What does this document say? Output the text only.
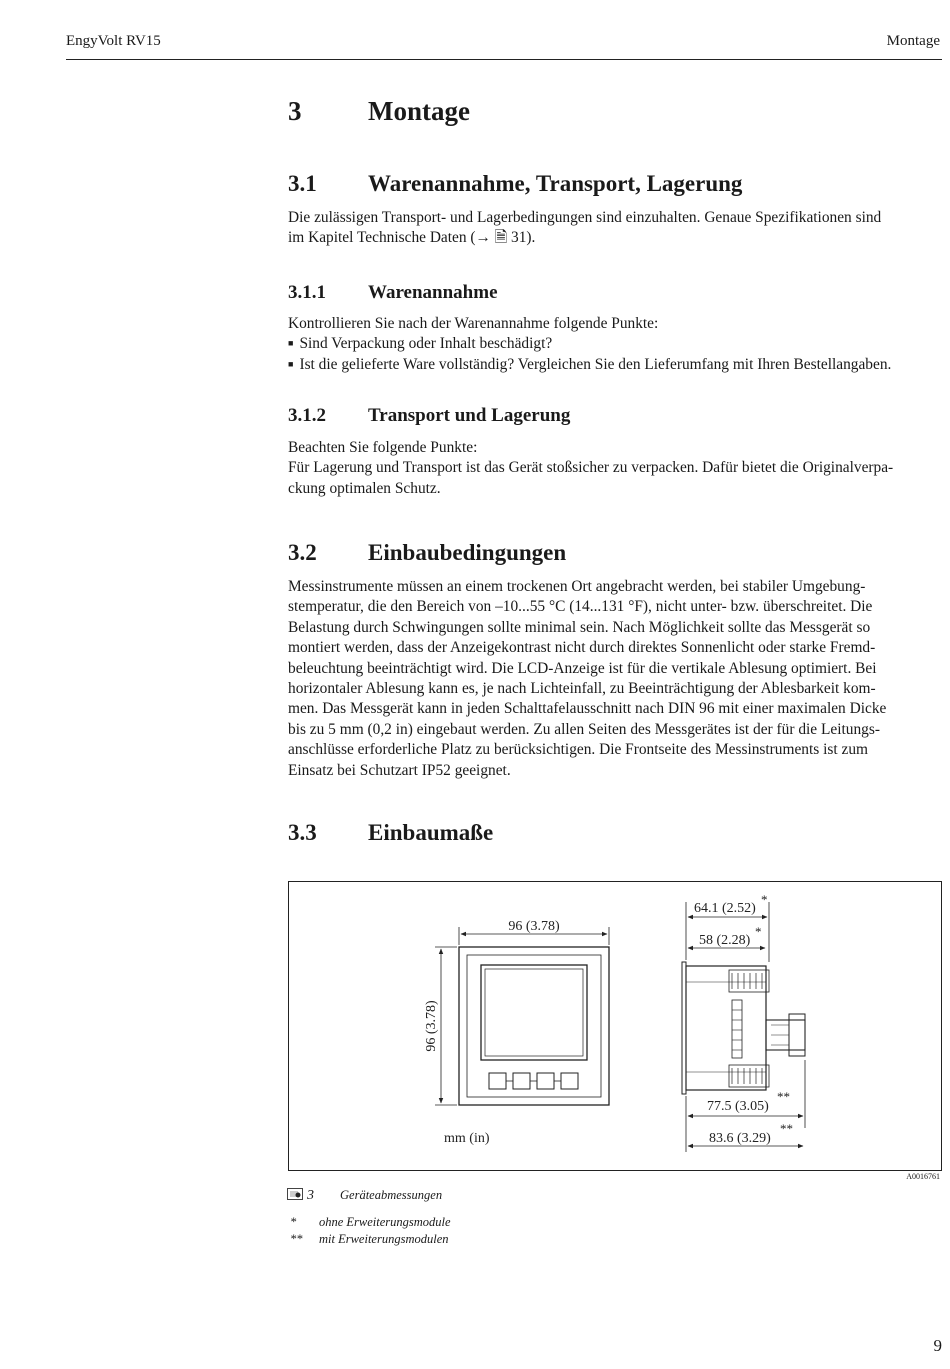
EngyVolt RV15	Montage
3 Montage
3.1 Warenannahme, Transport, Lagerung
Die zulässigen Transport- und Lagerbedingungen sind einzuhalten. Genaue Spezifikationen sind
im Kapitel Technische Daten (→ 🗎 31).
3.1.1 Warenannahme
Kontrollieren Sie nach der Warenannahme folgende Punkte:
■ Sind Verpackung oder Inhalt beschädigt?
■ Ist die gelieferte Ware vollständig? Vergleichen Sie den Lieferumfang mit Ihren Bestellangaben.
3.1.2 Transport und Lagerung
Beachten Sie folgende Punkte:
Für Lagerung und Transport ist das Gerät stoßsicher zu verpacken. Dafür bietet die Originalverpa-
ckung optimalen Schutz.
3.2 Einbaubedingungen
Messinstrumente müssen an einem trockenen Ort angebracht werden, bei stabiler Umgebung-
stemperatur, die den Bereich von –10...55 °C (14...131 °F), nicht unter- bzw. überschreitet. Die
Belastung durch Schwingungen sollte minimal sein. Nach Möglichkeit sollte das Messgerät so
montiert werden, dass der Anzeigekontrast nicht durch direktes Sonnenlicht oder starke Fremd-
beleuchtung beeinträchtigt wird. Die LCD-Anzeige ist für die vertikale Ablesung optimiert. Bei
horizontaler Ablesung kann es, je nach Lichteinfall, zu Beeinträchtigung der Ablesbarkeit kom-
men. Das Messgerät kann in jeden Schalttafelausschnitt nach DIN 96 mit einer maximalen Dicke
bis zu 5 mm (0,2 in) eingebaut werden. Zu allen Seiten des Messgerätes ist der für die Leitungs-
anschlüsse erforderliche Platz zu berücksichtigen. Die Frontseite des Messinstruments ist zum
Einsatz bei Schutzart IP52 geeignet.
3.3 Einbaumaße
96 (3.78)
96 (3.78)
mm (in)
64.1 (2.52)
*
58 (2.28)
*
77.5 (3.05)
**
83.6 (3.29)
**
A0016761
3 Geräteabmessungen
* ohne Erweiterungsmodule
** mit Erweiterungsmodulen
9
